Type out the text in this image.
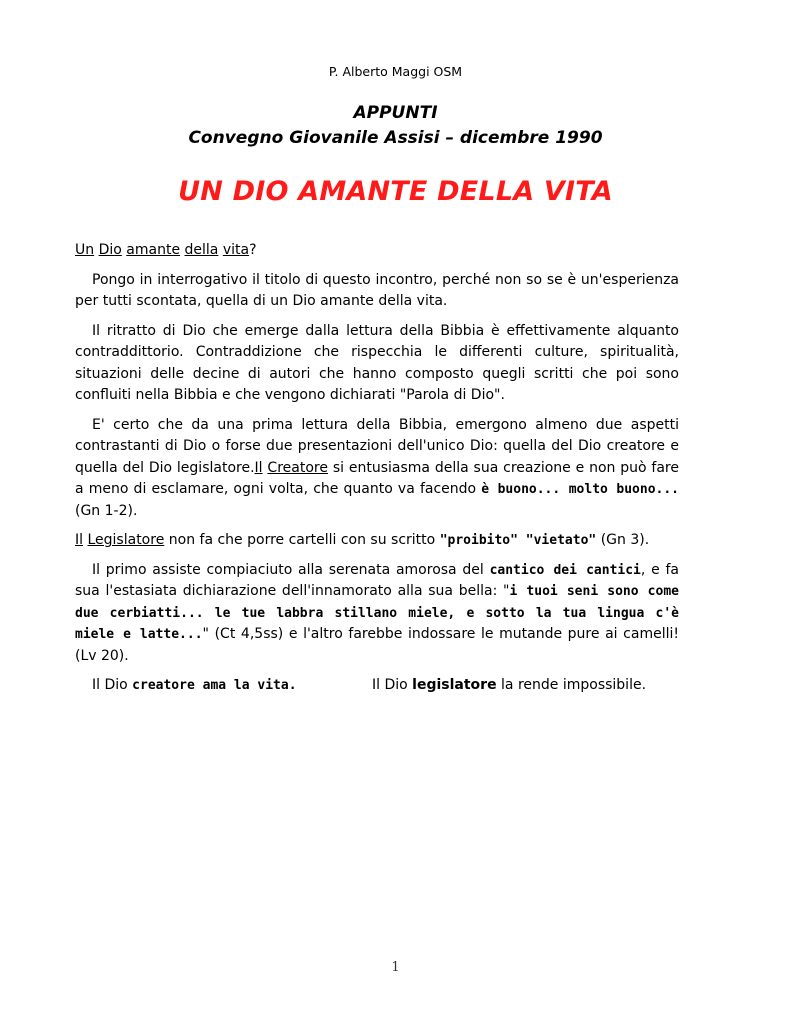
P. Alberto Maggi OSM
APPUNTI
Convegno Giovanile Assisi – dicembre 1990
UN DIO AMANTE DELLA VITA

Un Dio amante della vita?

Pongo in interrogativo il titolo di questo incontro, perché non so se è un'esperienza per tutti scontata, quella di un Dio amante della vita.

Il ritratto di Dio che emerge dalla lettura della Bibbia è effettivamente alquanto contraddittorio. Contraddizione che rispecchia le differenti culture, spiritualità, situazioni delle decine di autori che hanno composto quegli scritti che poi sono confluiti nella Bibbia e che vengono dichiarati "Parola di Dio".

E' certo che da una prima lettura della Bibbia, emergono almeno due aspetti contrastanti di Dio o forse due presentazioni dell'unico Dio: quella del Dio creatore e quella del Dio legislatore.Il Creatore si entusiasma della sua creazione e non può fare a meno di esclamare, ogni volta, che quanto va facendo è buono... molto buono... (Gn 1-2).

Il Legislatore non fa che porre cartelli con su scritto "proibito" "vietato" (Gn 3).

Il primo assiste compiaciuto alla serenata amorosa del cantico dei cantici, e fa sua l'estasiata dichiarazione dell'innamorato alla sua bella: "i tuoi seni sono come due cerbiatti... le tue labbra stillano miele, e sotto la tua lingua c'è miele e latte..." (Ct 4,5ss) e l'altro farebbe indossare le mutande pure ai camelli! (Lv 20).

Il Dio creatore ama la vita.	Il Dio legislatore la rende impossibile.
1
